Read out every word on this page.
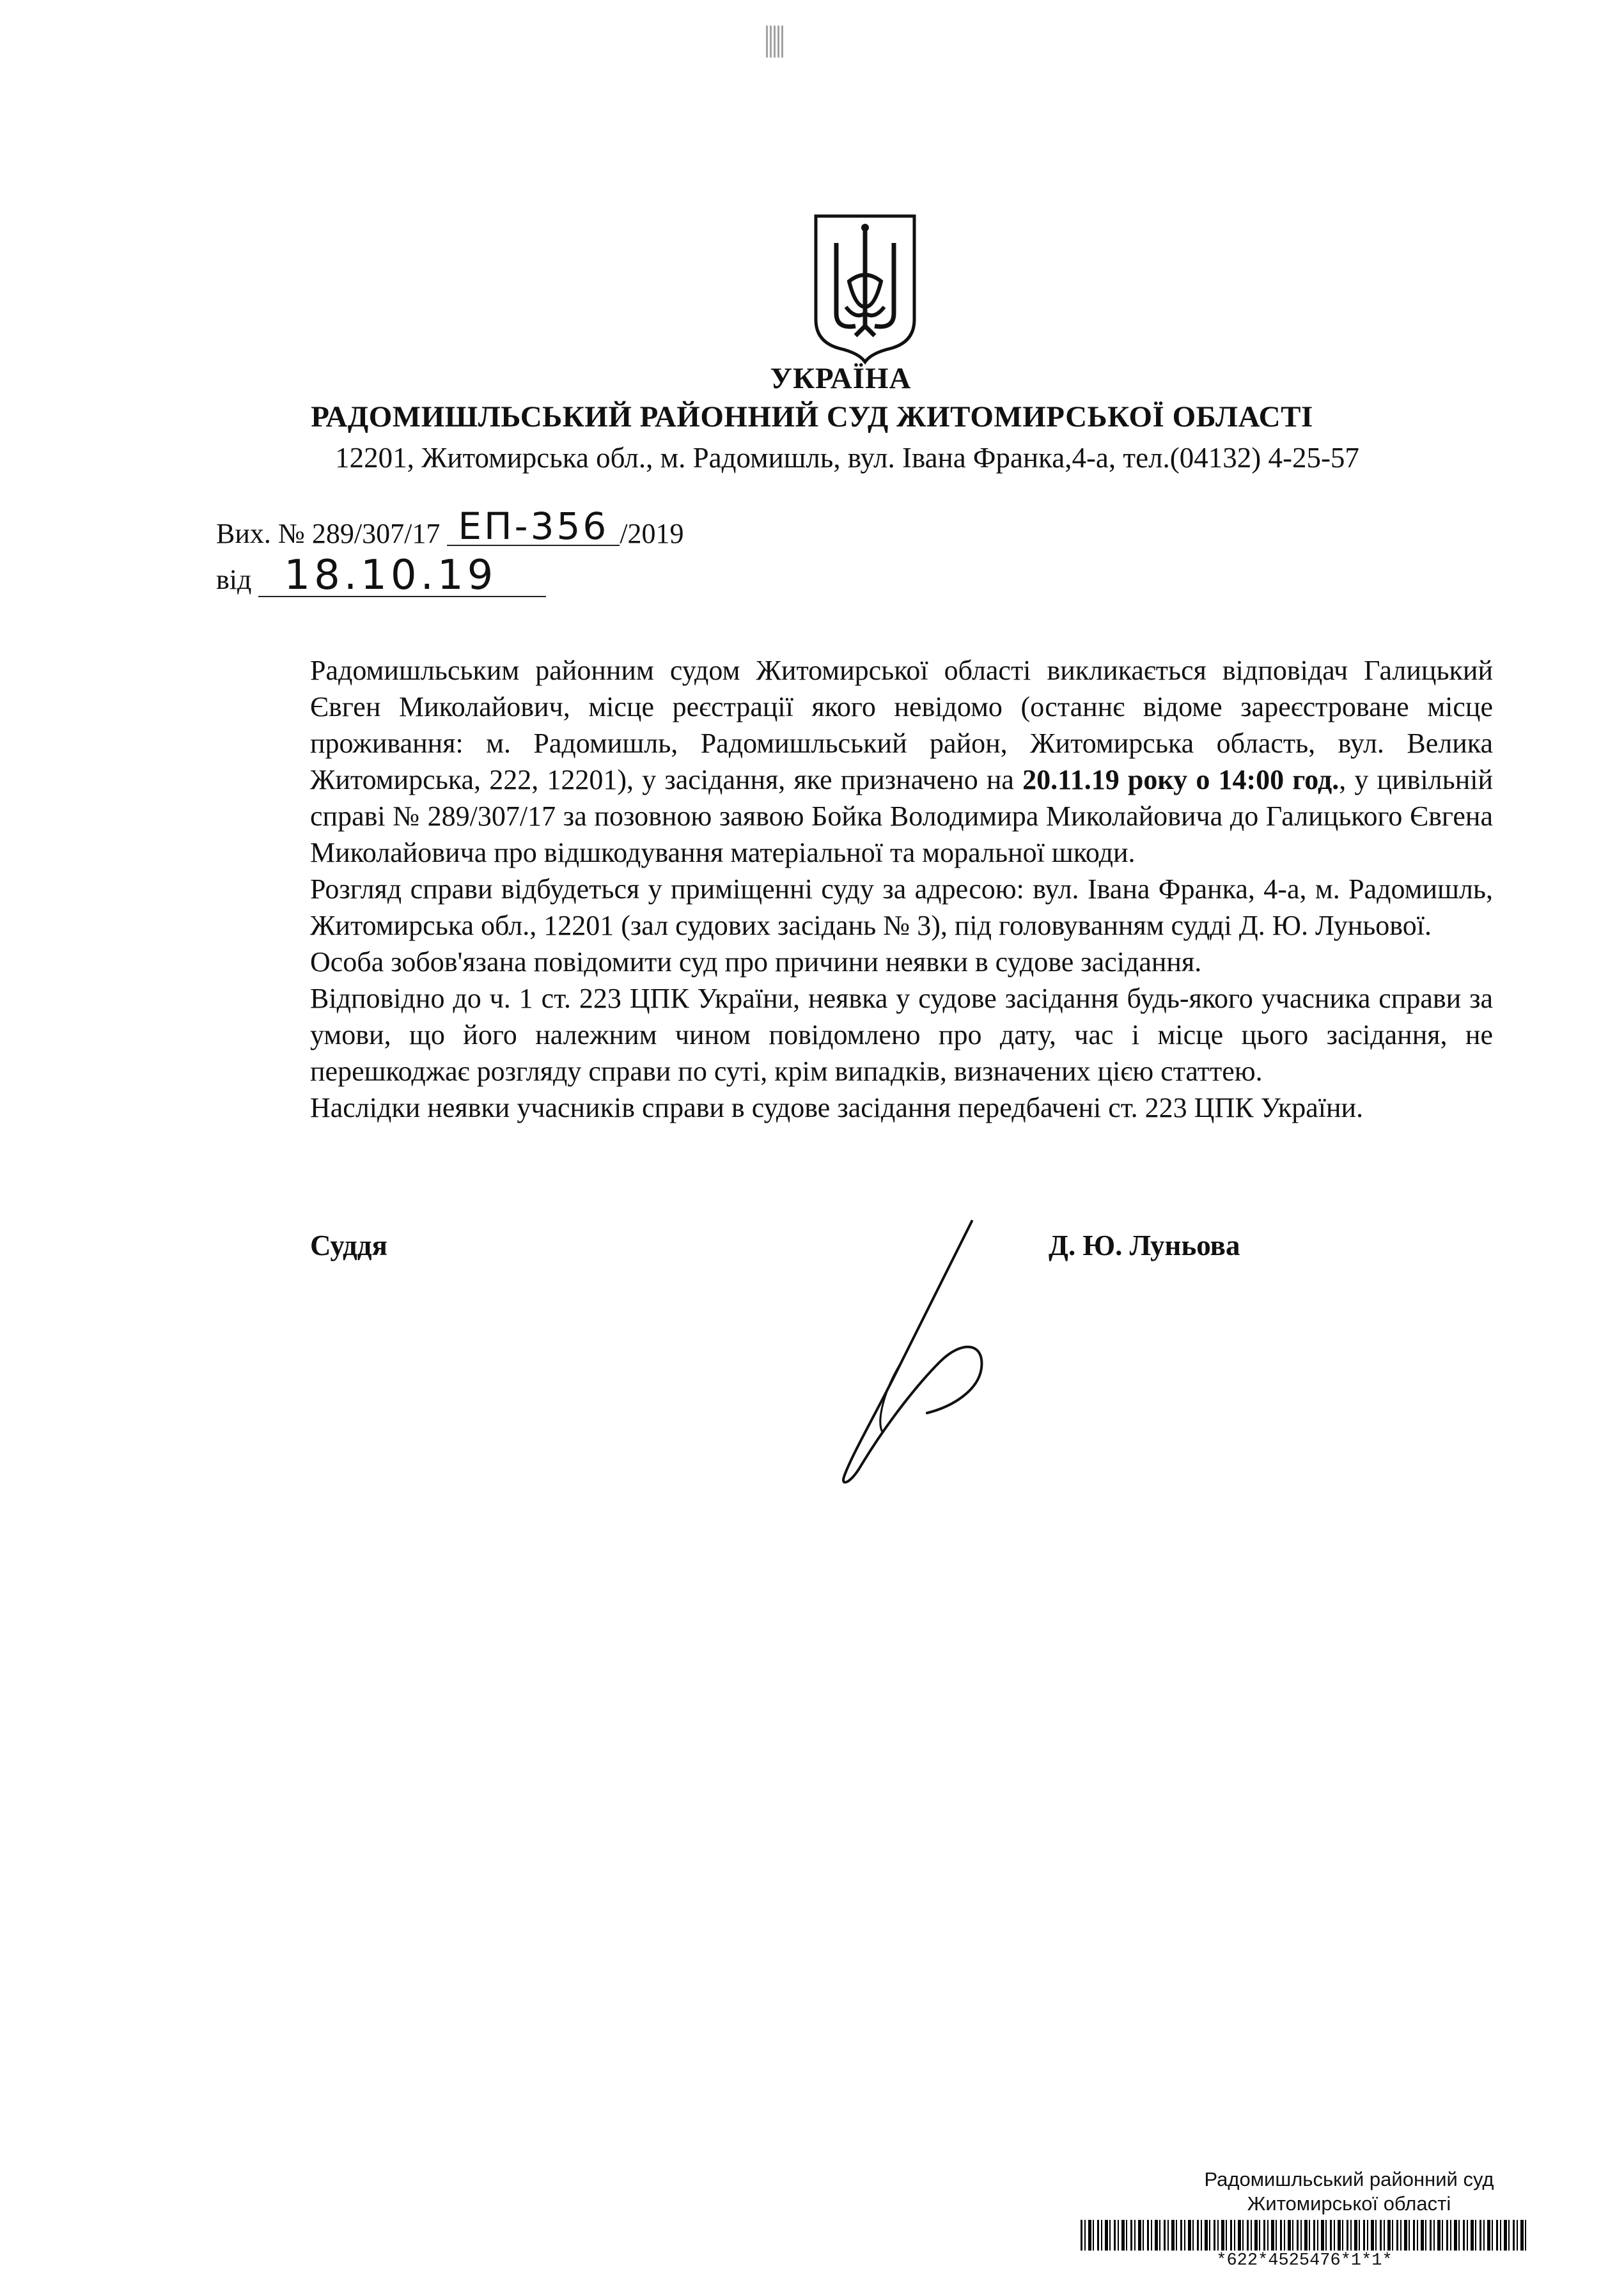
УКРАЇНА
РАДОМИШЛЬСЬКИЙ РАЙОННИЙ СУД ЖИТОМИРСЬКОЇ ОБЛАСТІ
12201, Житомирська обл., м. Радомишль, вул. Івана Франка,4-а, тел.(04132) 4-25-57
Вих. № 289/307/17 ЕП-356 /2019
від 18.10.19

Радомишльським районним судом Житомирської області викликається відповідач Галицький Євген Миколайович, місце реєстрації якого невідомо (останнє відоме зареєстроване місце проживання: м. Радомишль, Радомишльський район, Житомирська область, вул. Велика Житомирська, 222, 12201), у засідання, яке призначено на 20.11.19 року о 14:00 год., у цивільній справі № 289/307/17 за позовною заявою Бойка Володимира Миколайовича до Галицького Євгена Миколайовича про відшкодування матеріальної та моральної шкоди.

Розгляд справи відбудеться у приміщенні суду за адресою: вул. Івана Франка, 4-а, м. Радомишль, Житомирська обл., 12201 (зал судових засідань № 3), під головуванням судді Д. Ю. Луньової.

Особа зобов'язана повідомити суд про причини неявки в судове засідання.

Відповідно до ч. 1 ст. 223 ЦПК України, неявка у судове засідання будь-якого учасника справи за умови, що його належним чином повідомлено про дату, час і місце цього засідання, не перешкоджає розгляду справи по суті, крім випадків, визначених цією статтею.

Наслідки неявки учасників справи в судове засідання передбачені ст. 223 ЦПК України.

Суддя	Д. Ю. Луньова
Радомишльський районний суд
Житомирської області
*622*4525476*1*1*
